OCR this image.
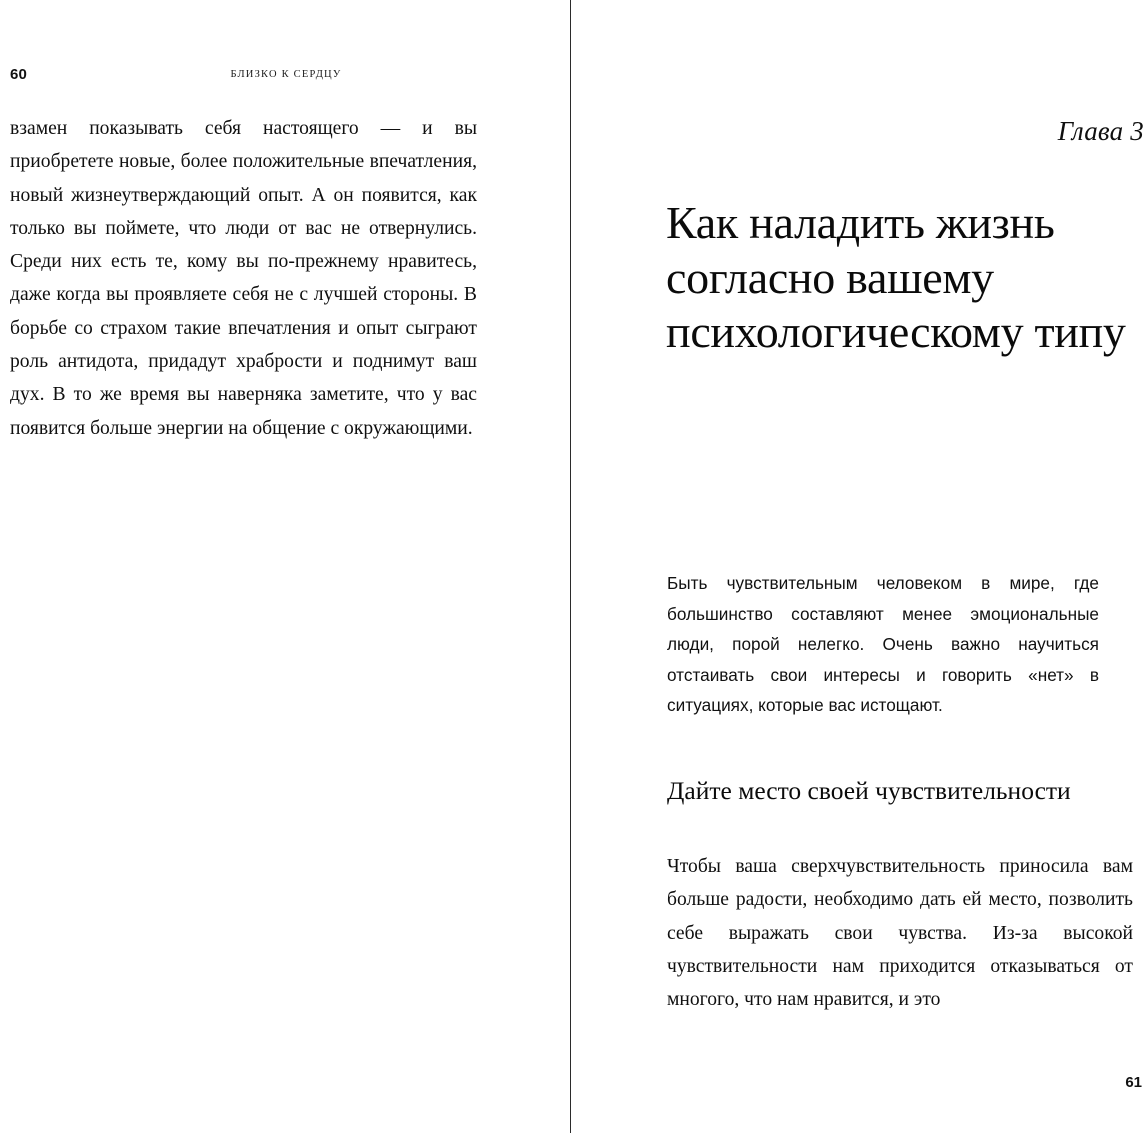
60	БЛИЗКО К СЕРДЦУ

взамен показывать себя настоящего — и вы приобретете новые, более положительные впечатления, новый жизнеутверждающий опыт. А он появится, как только вы поймете, что люди от вас не отвернулись. Среди них есть те, кому вы по-прежнему нравитесь, даже когда вы проявляете себя не с лучшей стороны. В борьбе со страхом такие впечатления и опыт сыграют роль антидота, придадут храбрости и поднимут ваш дух. В то же время вы наверняка заметите, что у вас появится больше энергии на общение с окружающими.

Глава 3
Как наладить жизнь согласно вашему психологическому типу

Быть чувствительным человеком в мире, где большинство составляют менее эмоциональные люди, порой нелегко. Очень важно научиться отстаивать свои интересы и говорить «нет» в ситуациях, которые вас истощают.

Дайте место своей чувствительности

Чтобы ваша сверхчувствительность приносила вам больше радости, необходимо дать ей место, позволить себе выражать свои чувства. Из-за высокой чувствительности нам приходится отказываться от многого, что нам нравится, и это

61
